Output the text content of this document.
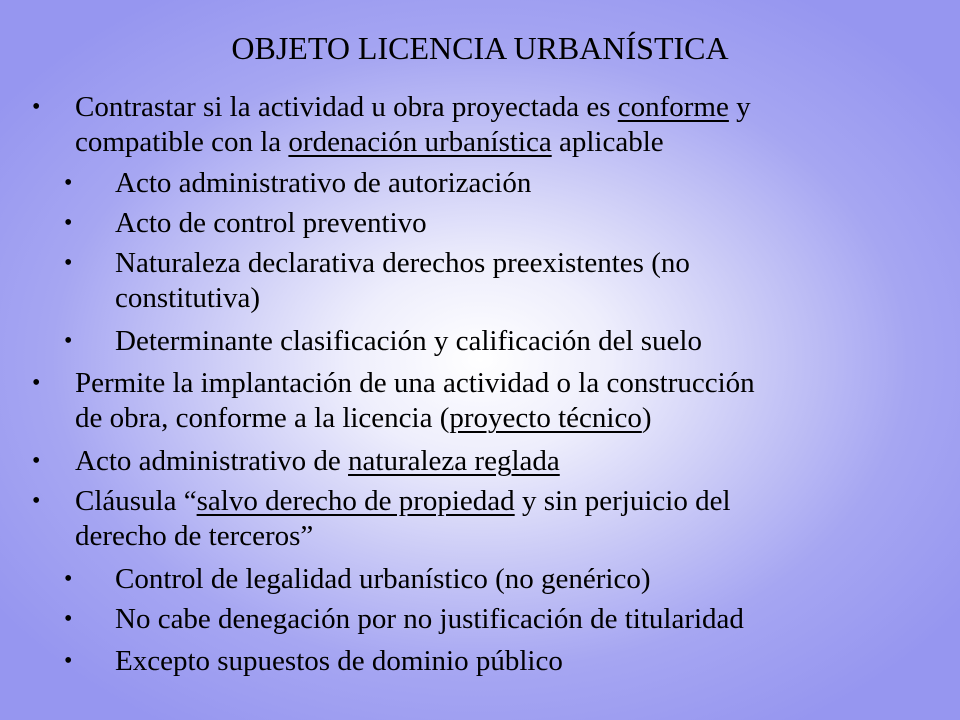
OBJETO LICENCIA URBANÍSTICA
• Contrastar si la actividad u obra proyectada es conforme y
compatible con la ordenación urbanística aplicable
• Acto administrativo de autorización
• Acto de control preventivo
• Naturaleza declarativa derechos preexistentes (no
constitutiva)
• Determinante clasificación y calificación del suelo
• Permite la implantación de una actividad o la construcción
de obra, conforme a la licencia (proyecto técnico)
• Acto administrativo de naturaleza reglada
• Cláusula “salvo derecho de propiedad y sin perjuicio del
derecho de terceros”
• Control de legalidad urbanístico (no genérico)
• No cabe denegación por no justificación de titularidad
• Excepto supuestos de dominio público
